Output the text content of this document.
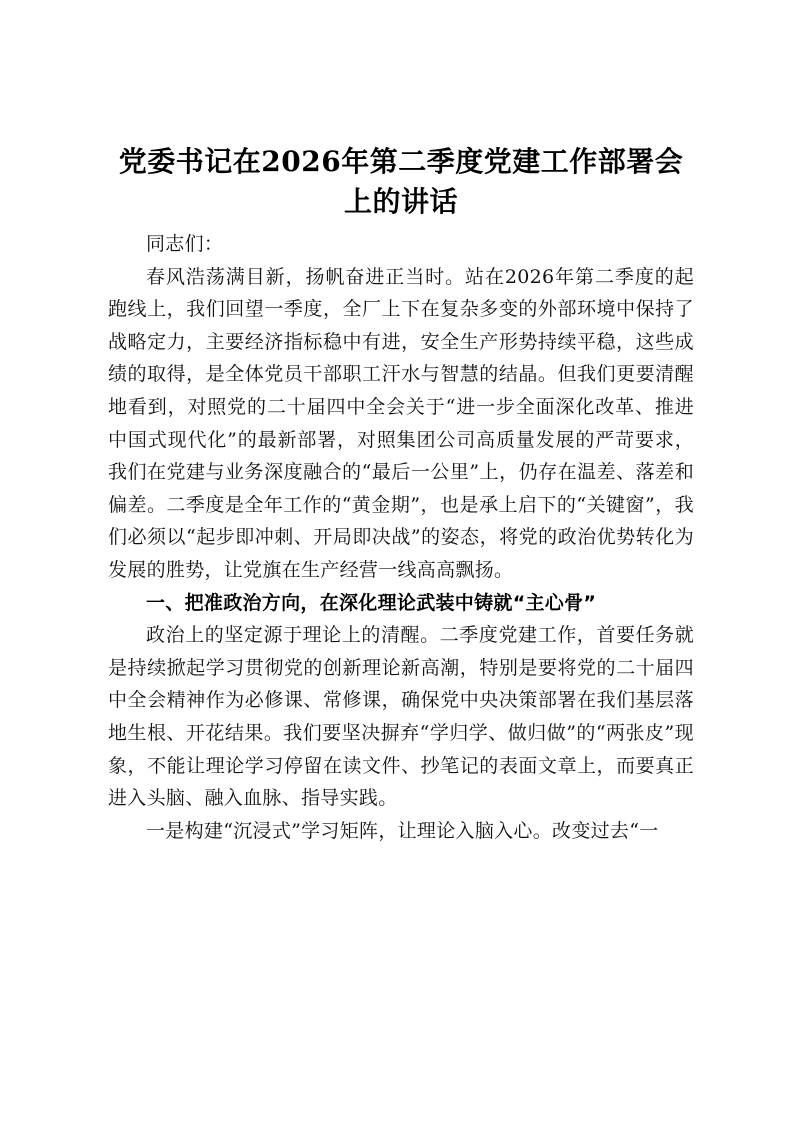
党委书记在2026年第二季度党建工作部署会
上的讲话

同志们：

春风浩荡满目新，扬帆奋进正当时。站在2026年第二季度的起跑线上，我们回望一季度，全厂上下在复杂多变的外部环境中保持了战略定力，主要经济指标稳中有进，安全生产形势持续平稳，这些成绩的取得，是全体党员干部职工汗水与智慧的结晶。但我们更要清醒地看到，对照党的二十届四中全会关于“进一步全面深化改革、推进中国式现代化”的最新部署，对照集团公司高质量发展的严苛要求，我们在党建与业务深度融合的“最后一公里”上，仍存在温差、落差和偏差。二季度是全年工作的“黄金期”，也是承上启下的“关键窗”，我们必须以“起步即冲刺、开局即决战”的姿态，将党的政治优势转化为发展的胜势，让党旗在生产经营一线高高飘扬。

一、把准政治方向，在深化理论武装中铸就“主心骨”

政治上的坚定源于理论上的清醒。二季度党建工作，首要任务就是持续掀起学习贯彻党的创新理论新高潮，特别是要将党的二十届四中全会精神作为必修课、常修课，确保党中央决策部署在我们基层落地生根、开花结果。我们要坚决摒弃“学归学、做归做”的“两张皮”现象，不能让理论学习停留在读文件、抄笔记的表面文章上，而要真正进入头脑、融入血脉、指导实践。

一是构建“沉浸式”学习矩阵，让理论入脑入心。改变过去“一
